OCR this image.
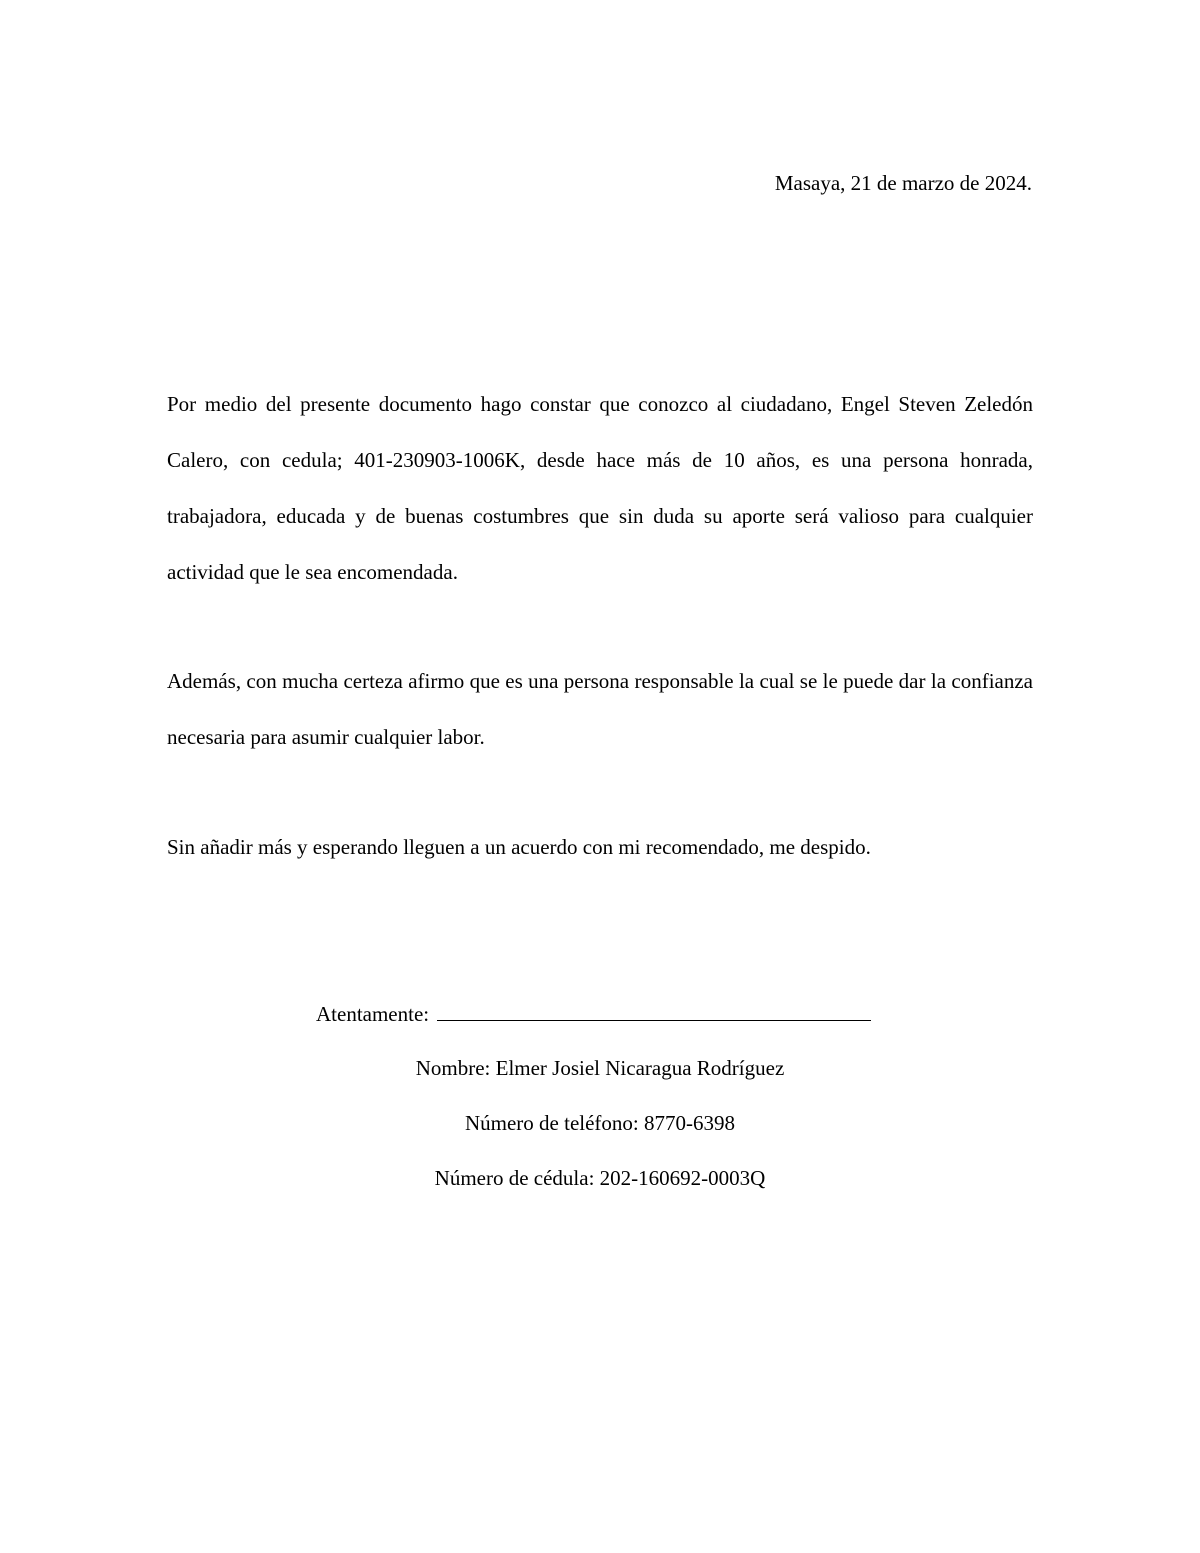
Masaya, 21 de marzo de 2024.
Por medio del presente documento hago constar que conozco al ciudadano, Engel Steven Zeledón Calero, con cedula; 401-230903-1006K, desde hace más de 10 años, es una persona honrada, trabajadora, educada y de buenas costumbres que sin duda su aporte será valioso para cualquier actividad que le sea encomendada.
Además, con mucha certeza afirmo que es una persona responsable la cual se le puede dar la confianza necesaria para asumir cualquier labor.
Sin añadir más y esperando lleguen a un acuerdo con mi recomendado, me despido.
Atentamente:
Nombre: Elmer Josiel Nicaragua Rodríguez
Número de teléfono: 8770-6398
Número de cédula: 202-160692-0003Q
